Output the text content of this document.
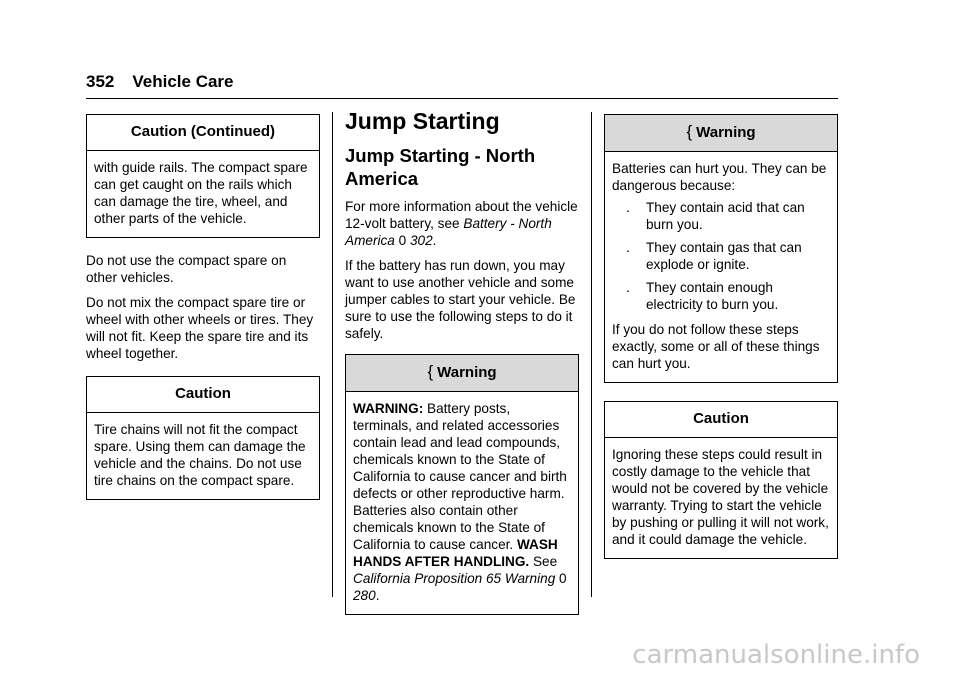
352 Vehicle Care
Caution (Continued)

with guide rails. The compact spare can get caught on the rails which can damage the tire, wheel, and other parts of the vehicle.

Do not use the compact spare on other vehicles.

Do not mix the compact spare tire or wheel with other wheels or tires. They will not fit. Keep the spare tire and its wheel together.

Caution

Tire chains will not fit the compact spare. Using them can damage the vehicle and the chains. Do not use tire chains on the compact spare.

Jump Starting
Jump Starting - North America

For more information about the vehicle 12-volt battery, see Battery - North America 0 302.

If the battery has run down, you may want to use another vehicle and some jumper cables to start your vehicle. Be sure to use the following steps to do it safely.

{ Warning

WARNING: Battery posts, terminals, and related accessories contain lead and lead compounds, chemicals known to the State of California to cause cancer and birth defects or other reproductive harm. Batteries also contain other chemicals known to the State of California to cause cancer. WASH HANDS AFTER HANDLING. See California Proposition 65 Warning 0 280.

{ Warning

Batteries can hurt you. They can be dangerous because:

. They contain acid that can burn you.
. They contain gas that can explode or ignite.
. They contain enough electricity to burn you.

If you do not follow these steps exactly, some or all of these things can hurt you.

Caution

Ignoring these steps could result in costly damage to the vehicle that would not be covered by the vehicle warranty. Trying to start the vehicle by pushing or pulling it will not work, and it could damage the vehicle.

carmanualsonline.info
